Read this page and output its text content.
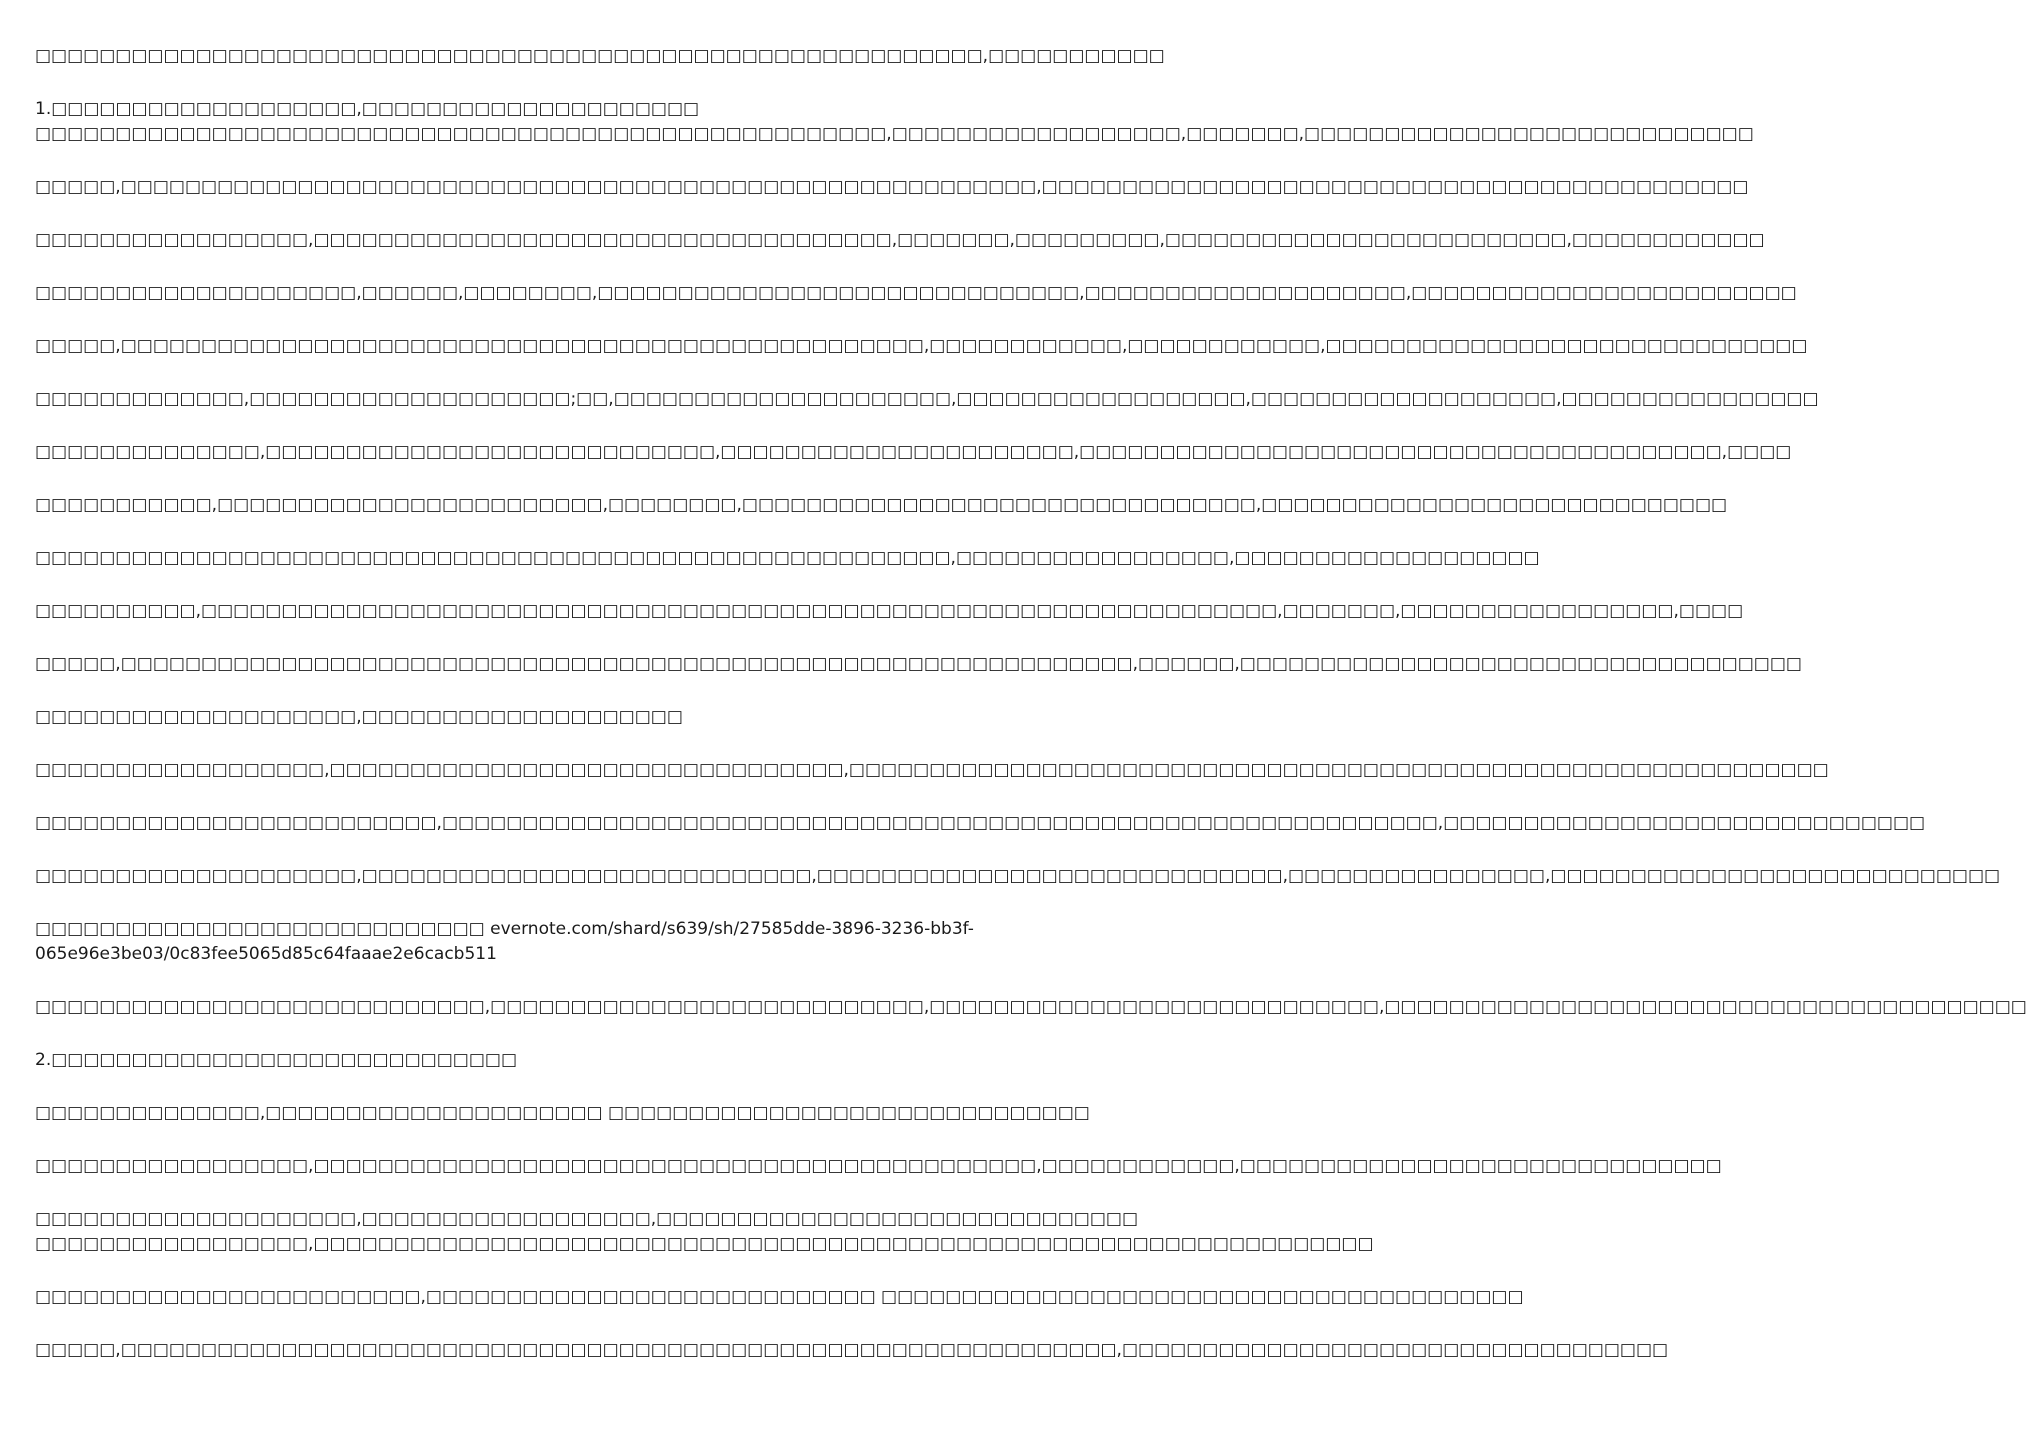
□□□□□□□□□□□□□□□□□□□□□□□□□□□□□□□□□□□□□□□□□□□□□□□□□□□□□□□□□□□,□□□□□□□□□□□
1.□□□□□□□□□□□□□□□□□□□,□□□□□□□□□□□□□□□□□□□□□
□□□□□□□□□□□□□□□□□□□□□□□□□□□□□□□□□□□□□□□□□□□□□□□□□□□□□,□□□□□□□□□□□□□□□□□□,□□□□□□□,□□□□□□□□□□□□□□□□□□□□□□□□□□□□
□□□□□,□□□□□□□□□□□□□□□□□□□□□□□□□□□□□□□□□□□□□□□□□□□□□□□□□□□□□□□□□,□□□□□□□□□□□□□□□□□□□□□□□□□□□□□□□□□□□□□□□□□□□□
□□□□□□□□□□□□□□□□□,□□□□□□□□□□□□□□□□□□□□□□□□□□□□□□□□□□□□,□□□□□□□,□□□□□□□□□,□□□□□□□□□□□□□□□□□□□□□□□□□,□□□□□□□□□□□□
□□□□□□□□□□□□□□□□□□□□,□□□□□□,□□□□□□□□,□□□□□□□□□□□□□□□□□□□□□□□□□□□□□□,□□□□□□□□□□□□□□□□□□□□,□□□□□□□□□□□□□□□□□□□□□□□□
□□□□□,□□□□□□□□□□□□□□□□□□□□□□□□□□□□□□□□□□□□□□□□□□□□□□□□□□,□□□□□□□□□□□□,□□□□□□□□□□□□,□□□□□□□□□□□□□□□□□□□□□□□□□□□□□□
□□□□□□□□□□□□□,□□□□□□□□□□□□□□□□□□□□;□□,□□□□□□□□□□□□□□□□□□□□□,□□□□□□□□□□□□□□□□□□,□□□□□□□□□□□□□□□□□□□,□□□□□□□□□□□□□□□□
□□□□□□□□□□□□□□,□□□□□□□□□□□□□□□□□□□□□□□□□□□□,□□□□□□□□□□□□□□□□□□□□□□,□□□□□□□□□□□□□□□□□□□□□□□□□□□□□□□□□□□□□□□□,□□□□
□□□□□□□□□□□,□□□□□□□□□□□□□□□□□□□□□□□□,□□□□□□□□,□□□□□□□□□□□□□□□□□□□□□□□□□□□□□□□□,□□□□□□□□□□□□□□□□□□□□□□□□□□□□□
□□□□□□□□□□□□□□□□□□□□□□□□□□□□□□□□□□□□□□□□□□□□□□□□□□□□□□□□□,□□□□□□□□□□□□□□□□□,□□□□□□□□□□□□□□□□□□□
□□□□□□□□□□,□□□□□□□□□□□□□□□□□□□□□□□□□□□□□□□□□□□□□□□□□□□□□□□□□□□□□□□□□□□□□□□□□□□,□□□□□□□,□□□□□□□□□□□□□□□□□,□□□□
□□□□□,□□□□□□□□□□□□□□□□□□□□□□□□□□□□□□□□□□□□□□□□□□□□□□□□□□□□□□□□□□□□□□□,□□□□□□,□□□□□□□□□□□□□□□□□□□□□□□□□□□□□□□□□□□
□□□□□□□□□□□□□□□□□□□□,□□□□□□□□□□□□□□□□□□□□
□□□□□□□□□□□□□□□□□□,□□□□□□□□□□□□□□□□□□□□□□□□□□□□□□□□,□□□□□□□□□□□□□□□□□□□□□□□□□□□□□□□□□□□□□□□□□□□□□□□□□□□□□□□□□□□□□
□□□□□□□□□□□□□□□□□□□□□□□□□,□□□□□□□□□□□□□□□□□□□□□□□□□□□□□□□□□□□□□□□□□□□□□□□□□□□□□□□□□□□□□□,□□□□□□□□□□□□□□□□□□□□□□□□□□□□□□
□□□□□□□□□□□□□□□□□□□□,□□□□□□□□□□□□□□□□□□□□□□□□□□□□,□□□□□□□□□□□□□□□□□□□□□□□□□□□□□,□□□□□□□□□□□□□□□□,□□□□□□□□□□□□□□□□□□□□□□□□□□□□
□□□□□□□□□□□□□□□□□□□□□□□□□□□□ evernote.com/shard/s639/sh/27585dde-3896-3236-bb3f-
065e96e3be03/0c83fee5065d85c64faaae2e6cacb511
□□□□□□□□□□□□□□□□□□□□□□□□□□□□,□□□□□□□□□□□□□□□□□□□□□□□□□□□,□□□□□□□□□□□□□□□□□□□□□□□□□□□□,□□□□□□□□□□□□□□□□□□□□□□□□□□□□□□□□□□□□□□□□
2.□□□□□□□□□□□□□□□□□□□□□□□□□□□□□
□□□□□□□□□□□□□□,□□□□□□□□□□□□□□□□□□□□□ □□□□□□□□□□□□□□□□□□□□□□□□□□□□□□
□□□□□□□□□□□□□□□□□,□□□□□□□□□□□□□□□□□□□□□□□□□□□□□□□□□□□□□□□□□□□□□,□□□□□□□□□□□□,□□□□□□□□□□□□□□□□□□□□□□□□□□□□□□
□□□□□□□□□□□□□□□□□□□□,□□□□□□□□□□□□□□□□□□,□□□□□□□□□□□□□□□□□□□□□□□□□□□□□□
□□□□□□□□□□□□□□□□□,□□□□□□□□□□□□□□□□□□□□□□□□□□□□□□□□□□□□□□□□□□□□□□□□□□□□□□□□□□□□□□□□□□
□□□□□□□□□□□□□□□□□□□□□□□□,□□□□□□□□□□□□□□□□□□□□□□□□□□□□ □□□□□□□□□□□□□□□□□□□□□□□□□□□□□□□□□□□□□□□□
□□□□□,□□□□□□□□□□□□□□□□□□□□□□□□□□□□□□□□□□□□□□□□□□□□□□□□□□□□□□□□□□□□□□,□□□□□□□□□□□□□□□□□□□□□□□□□□□□□□□□□□
